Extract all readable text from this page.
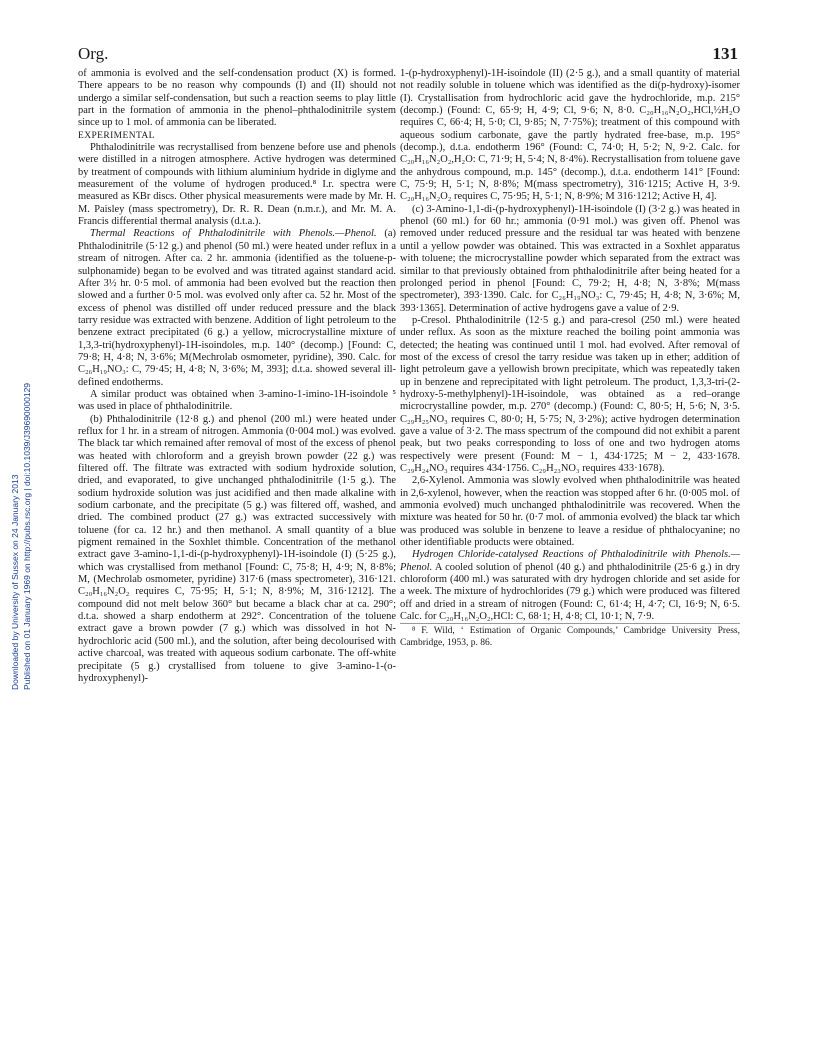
Org.	131
Downloaded by University of Sussex on 24 January 2013 Published on 01 January 1969 on http://pubs.rsc.org | doi:10.1039/J39690000129

of ammonia is evolved and the self-condensation product (X) is formed. There appears to be no reason why compounds (I) and (II) should not undergo a similar self-condensation, but such a reaction seems to play little part in the formation of ammonia in the phenol–phthalodinitrile system since up to 1 mol. of ammonia can be liberated.

EXPERIMENTAL

Phthalodinitrile was recrystallised from benzene before use and phenols were distilled in a nitrogen atmosphere. Active hydrogen was determined by treatment of compounds with lithium aluminium hydride in diglyme and measurement of the volume of hydrogen produced.⁸ I.r. spectra were measured as KBr discs. Other physical measurements were made by Mr. H. M. Paisley (mass spectrometry), Dr. R. R. Dean (n.m.r.), and Mr. M. A. Francis differential thermal analysis (d.t.a.).

Thermal Reactions of Phthalodinitrile with Phenols.—Phenol. (a) Phthalodinitrile (5·12 g.) and phenol (50 ml.) were heated under reflux in a stream of nitrogen. After ca. 2 hr. ammonia (identified as the toluene-p-sulphonamide) began to be evolved and was titrated against standard acid. After 3½ hr. 0·5 mol. of ammonia had been evolved but the reaction then slowed and a further 0·5 mol. was evolved only after ca. 52 hr. Most of the excess of phenol was distilled off under reduced pressure and the black tarry residue was extracted with benzene. Addition of light petroleum to the benzene extract precipitated (6 g.) a yellow, microcrystalline mixture of 1,3,3-tri(hydroxyphenyl)-1H-isoindoles, m.p. 140° (decomp.) [Found: C, 79·8; H, 4·8; N, 3·6%; M(Mechrolab osmometer, pyridine), 390. Calc. for C₂₆H₁₉NO₃: C, 79·45; H, 4·8; N, 3·6%; M, 393]; d.t.a. showed several ill-defined endotherms.

A similar product was obtained when 3-amino-1-imino-1H-isoindole ⁵ was used in place of phthalodinitrile.

(b) Phthalodinitrile (12·8 g.) and phenol (200 ml.) were heated under reflux for 1 hr. in a stream of nitrogen. Ammonia (0·004 mol.) was evolved. The black tar which remained after removal of most of the excess of phenol was heated with chloroform and a greyish brown powder (22 g.) was filtered off. The filtrate was extracted with sodium hydroxide solution, dried, and evaporated, to give unchanged phthalodinitrile (1·5 g.). The sodium hydroxide solution was just acidified and then made alkaline with sodium carbonate, and the precipitate (5 g.) was filtered off, washed, and dried. The combined product (27 g.) was extracted successively with toluene (for ca. 12 hr.) and then methanol. A small quantity of a blue pigment remained in the Soxhlet thimble. Concentration of the methanol extract gave 3-amino-1,1-di-(p-hydroxyphenyl)-1H-isoindole (I) (5·25 g.), which was crystallised from methanol [Found: C, 75·8; H, 4·9; N, 8·8%; M, (Mechrolab osmometer, pyridine) 317·6 (mass spectrometer), 316·121. C₂₀H₁₆N₂O₂ requires C, 75·95; H, 5·1; N, 8·9%; M, 316·1212]. The compound did not melt below 360° but became a black char at ca. 290°; d.t.a. showed a sharp endotherm at 292°. Concentration of the toluene extract gave a brown powder (7 g.) which was dissolved in hot N-hydrochloric acid (500 ml.), and the solution, after being decolourised with active charcoal, was treated with aqueous sodium carbonate. The off-white precipitate (5 g.) crystallised from toluene to give 3-amino-1-(o-hydroxyphenyl)-

1-(p-hydroxyphenyl)-1H-isoindole (II) (2·5 g.), and a small quantity of material not readily soluble in toluene which was identified as the di(p-hydroxy)-isomer (I). Crystallisation from hydrochloric acid gave the hydrochloride, m.p. 215° (decomp.) (Found: C, 65·9; H, 4·9; Cl, 9·6; N, 8·0. C₂₀H₁₆N₂O₂,HCl,½H₂O requires C, 66·4; H, 5·0; Cl, 9·85; N, 7·75%); treatment of this compound with aqueous sodium carbonate, gave the partly hydrated free-base, m.p. 195° (decomp.), d.t.a. endotherm 196° (Found: C, 74·0; H, 5·2; N, 9·2. Calc. for C₂₀H₁₆N₂O₂,H₂O: C, 71·9; H, 5·4; N, 8·4%). Recrystallisation from toluene gave the anhydrous compound, m.p. 145° (decomp.), d.t.a. endotherm 141° [Found: C, 75·9; H, 5·1; N, 8·8%; M(mass spectrometry), 316·1215; Active H, 3·9. C₂₀H₁₆N₂O₂ requires C, 75·95; H, 5·1; N, 8·9%; M 316·1212; Active H, 4].

(c) 3-Amino-1,1-di-(p-hydroxyphenyl)-1H-isoindole (I) (3·2 g.) was heated in phenol (60 ml.) for 60 hr.; ammonia (0·91 mol.) was given off. Phenol was removed under reduced pressure and the residual tar was heated with benzene until a yellow powder was obtained. This was extracted in a Soxhlet apparatus with toluene; the microcrystalline powder which separated from the extract was similar to that previously obtained from phthalodinitrile after being heated for a prolonged period in phenol [Found: C, 79·2; H, 4·8; N, 3·8%; M(mass spectrometer), 393·1390. Calc. for C₂₆H₁₉NO₃: C, 79·45; H, 4·8; N, 3·6%; M, 393·1365]. Determination of active hydrogens gave a value of 2·9.

p-Cresol. Phthalodinitrile (12·5 g.) and para-cresol (250 ml.) were heated under reflux. As soon as the mixture reached the boiling point ammonia was detected; the heating was continued until 1 mol. had evolved. After removal of most of the excess of cresol the tarry residue was taken up in ether; addition of light petroleum gave a yellowish brown precipitate, which was repeatedly taken up in benzene and reprecipitated with light petroleum. The product, 1,3,3-tri-(2-hydroxy-5-methylphenyl)-1H-isoindole, was obtained as a red–orange microcrystalline powder, m.p. 270° (decomp.) (Found: C, 80·5; H, 5·6; N, 3·5. C₂₉H₂₅NO₃ requires C, 80·0; H, 5·75; N, 3·2%); active hydrogen determination gave a value of 3·2. The mass spectrum of the compound did not exhibit a parent peak, but two peaks corresponding to loss of one and two hydrogen atoms respectively were present (Found: M − 1, 434·1725; M − 2, 433·1678. C₂₉H₂₄NO₃ requires 434·1756. C₂₉H₂₃NO₃ requires 433·1678).

2,6-Xylenol. Ammonia was slowly evolved when phthalodinitrile was heated in 2,6-xylenol, however, when the reaction was stopped after 6 hr. (0·005 mol. of ammonia evolved) much unchanged phthalodinitrile was recovered. When the mixture was heated for 50 hr. (0·7 mol. of ammonia evolved) the black tar which was produced was soluble in benzene to leave a residue of phthalocyanine; no other identifiable products were obtained.

Hydrogen Chloride-catalysed Reactions of Phthalodinitrile with Phenols.—Phenol. A cooled solution of phenol (40 g.) and phthalodinitrile (25·6 g.) in dry chloroform (400 ml.) was saturated with dry hydrogen chloride and set aside for a week. The mixture of hydrochlorides (79 g.) which were produced was filtered off and dried in a stream of nitrogen (Found: C, 61·4; H, 4·7; Cl, 16·9; N, 6·5. Calc. for C₂₀H₁₆N₂O₂,HCl: C, 68·1; H, 4·8; Cl, 10·1; N, 7·9.

⁸ F. Wild, ‘ Estimation of Organic Compounds,’ Cambridge University Press, Cambridge, 1953, p. 86.
